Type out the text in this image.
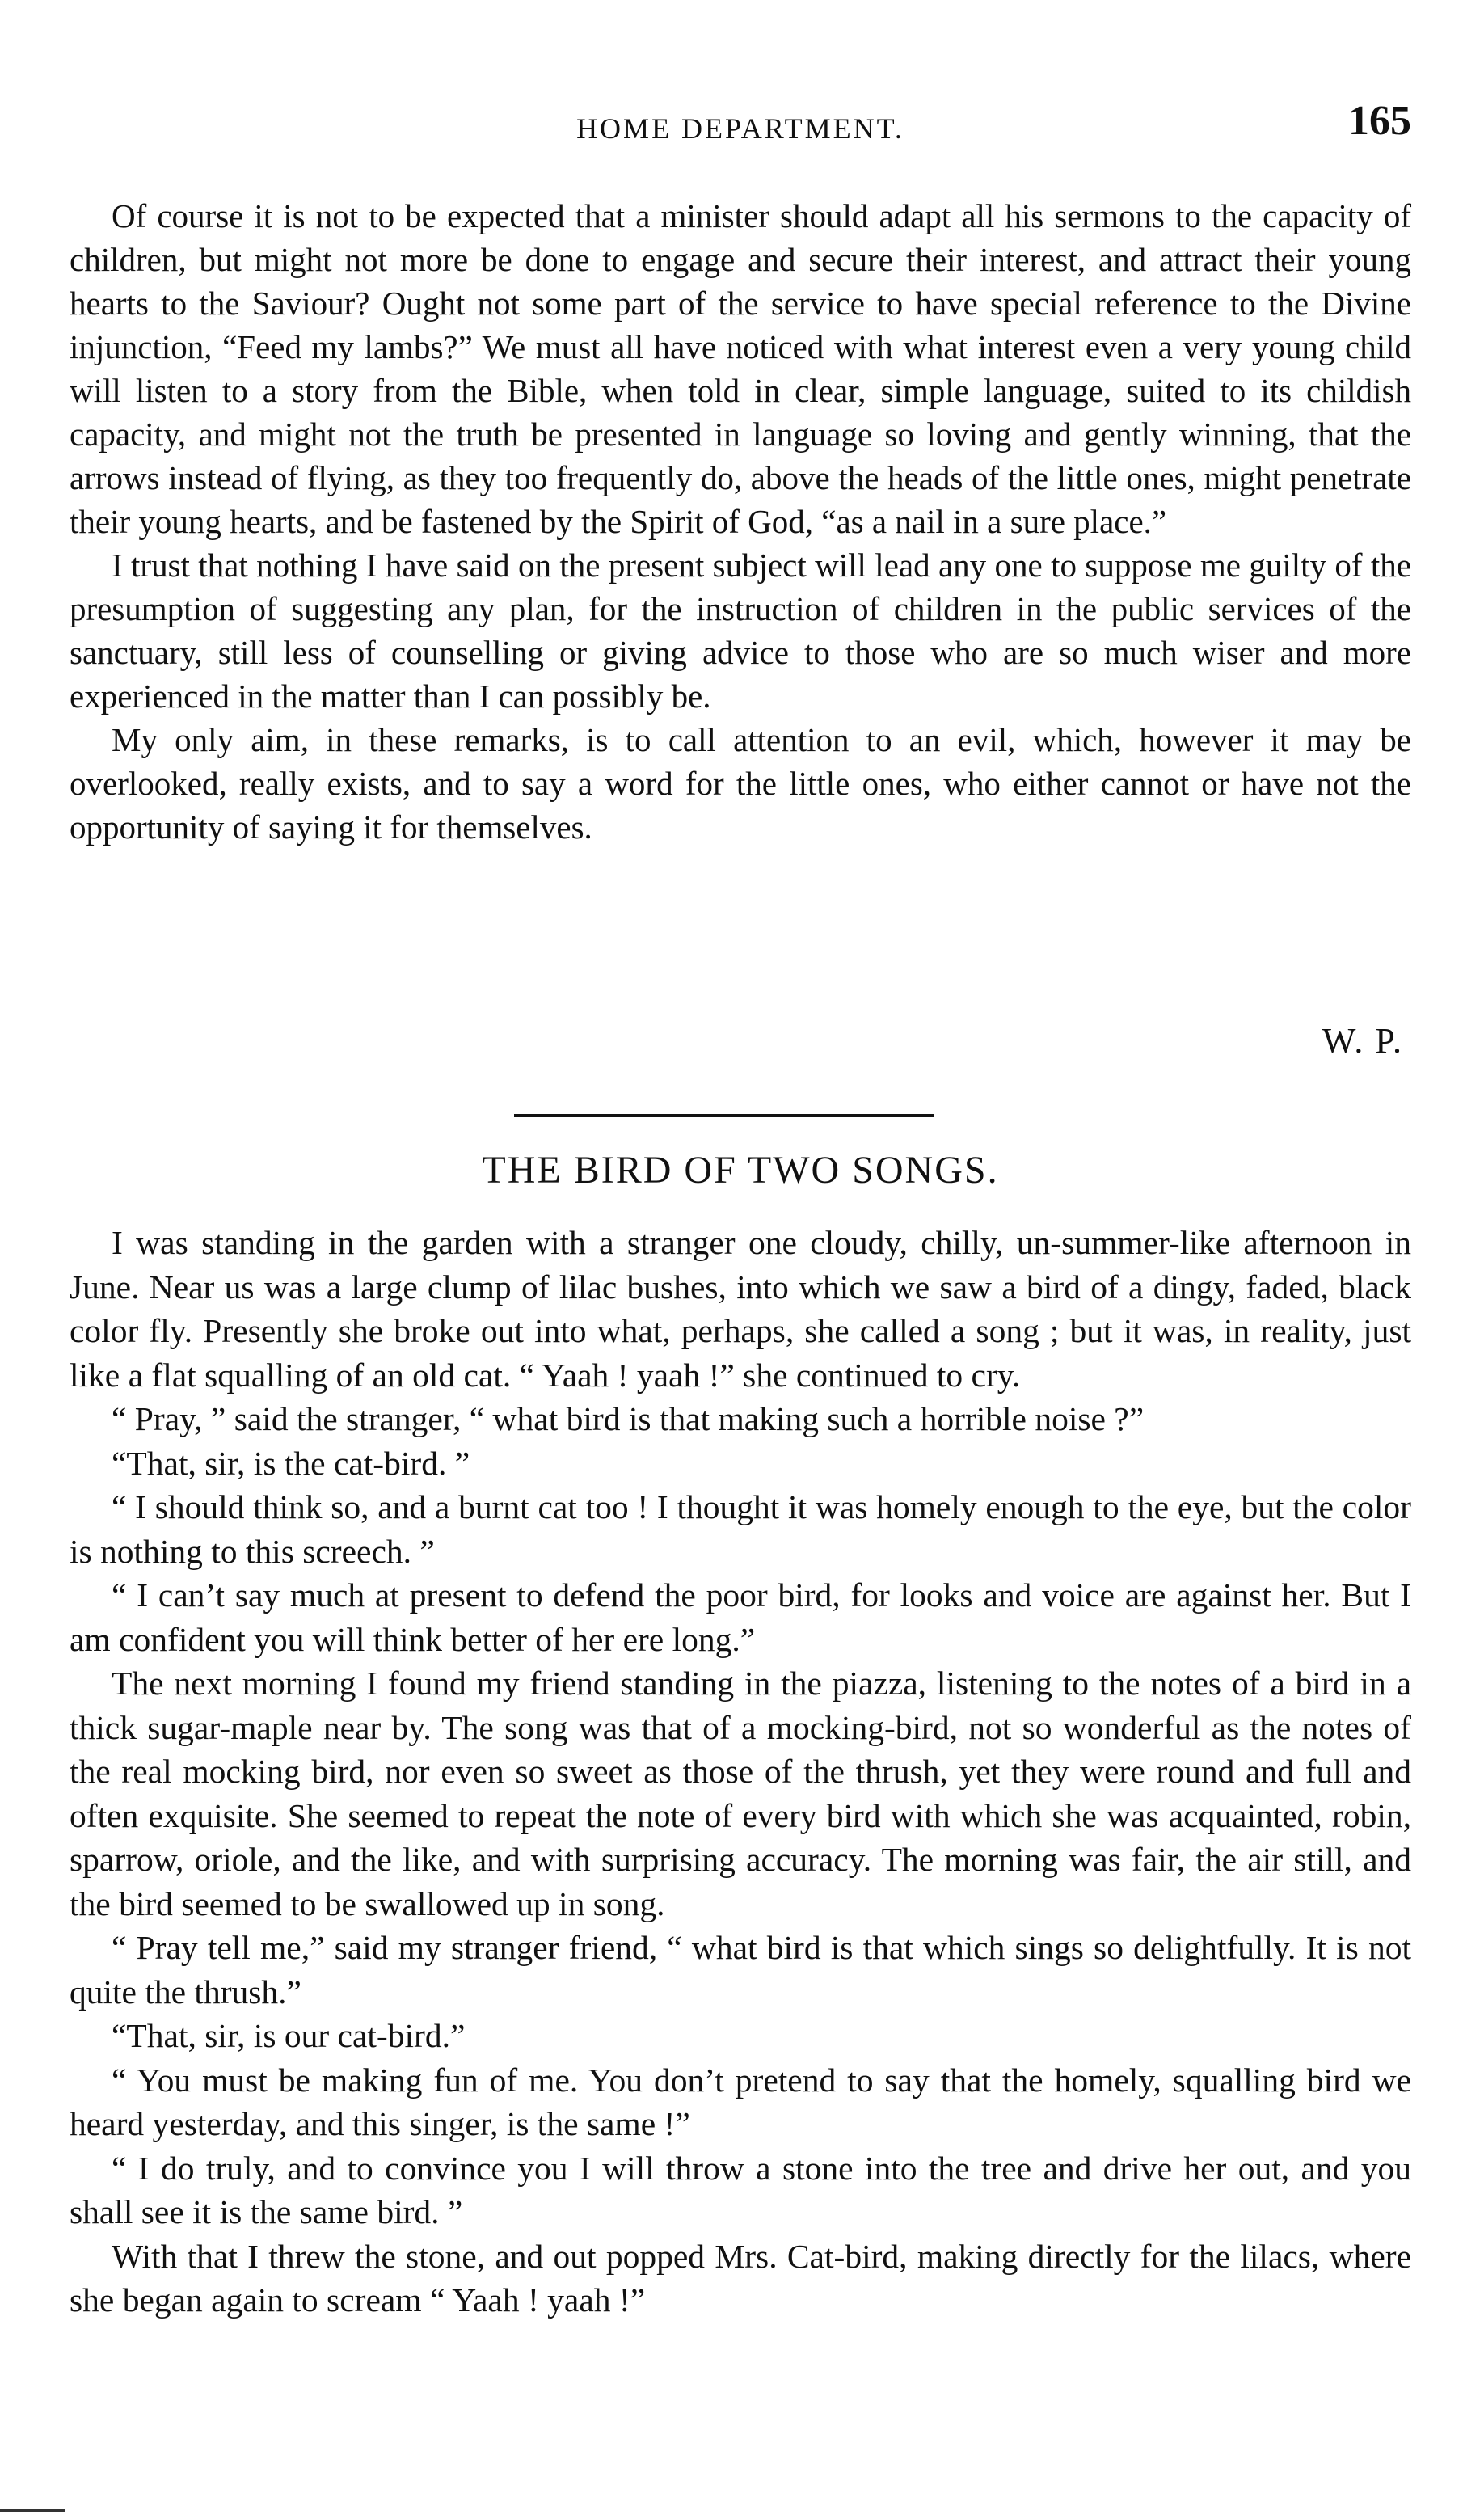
HOME DEPARTMENT.	165

Of course it is not to be expected that a minister should adapt all his sermons to the capacity of children, but might not more be done to engage and secure their interest, and attract their young hearts to the Saviour? Ought not some part of the service to have special reference to the Divine injunction, “Feed my lambs?” We must all have noticed with what interest even a very young child will listen to a story from the Bible, when told in clear, simple language, suited to its childish capacity, and might not the truth be presented in language so loving and gently winning, that the arrows instead of flying, as they too frequently do, above the heads of the little ones, might penetrate their young hearts, and be fastened by the Spirit of God, “as a nail in a sure place.”

I trust that nothing I have said on the present subject will lead any one to suppose me guilty of the presumption of suggesting any plan, for the instruction of children in the public services of the sanctuary, still less of counselling or giving advice to those who are so much wiser and more experienced in the matter than I can possibly be.

My only aim, in these remarks, is to call attention to an evil, which, however it may be overlooked, really exists, and to say a word for the little ones, who either cannot or have not the opportunity of saying it for themselves.

W. P.
THE BIRD OF TWO SONGS.

I was standing in the garden with a stranger one cloudy, chilly, un-summer-like afternoon in June. Near us was a large clump of lilac bushes, into which we saw a bird of a dingy, faded, black color fly. Presently she broke out into what, perhaps, she called a song ; but it was, in reality, just like a flat squalling of an old cat. “ Yaah ! yaah !” she continued to cry.

“ Pray, ” said the stranger, “ what bird is that making such a horrible noise ?”

“That, sir, is the cat-bird. ”

“ I should think so, and a burnt cat too ! I thought it was homely enough to the eye, but the color is nothing to this screech. ”

“ I can’t say much at present to defend the poor bird, for looks and voice are against her. But I am confident you will think better of her ere long.”

The next morning I found my friend standing in the piazza, listening to the notes of a bird in a thick sugar-maple near by. The song was that of a mocking-bird, not so wonderful as the notes of the real mocking bird, nor even so sweet as those of the thrush, yet they were round and full and often exquisite. She seemed to repeat the note of every bird with which she was acquainted, robin, sparrow, oriole, and the like, and with surprising accuracy. The morning was fair, the air still, and the bird seemed to be swallowed up in song.

“ Pray tell me,” said my stranger friend, “ what bird is that which sings so delightfully. It is not quite the thrush.”

“That, sir, is our cat-bird.”

“ You must be making fun of me. You don’t pretend to say that the homely, squalling bird we heard yesterday, and this singer, is the same !”

“ I do truly, and to convince you I will throw a stone into the tree and drive her out, and you shall see it is the same bird. ”

With that I threw the stone, and out popped Mrs. Cat-bird, making directly for the lilacs, where she began again to scream “ Yaah ! yaah !”
